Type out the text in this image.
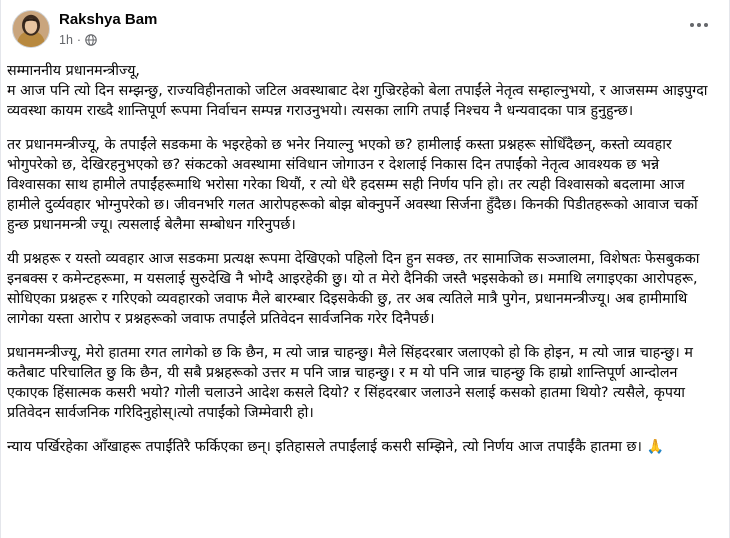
Rakshya Bam
1h ·

सम्माननीय प्रधानमन्त्रीज्यू,

म आज पनि त्यो दिन सम्झन्छु, राज्यविहीनताको जटिल अवस्थाबाट देश गुज्रिरहेको बेला तपाईंले नेतृत्व सम्हाल्नुभयो, र आजसम्म आइपुग्दा व्यवस्था कायम राख्दै शान्तिपूर्ण रूपमा निर्वाचन सम्पन्न गराउनुभयो। त्यसका लागि तपाईं निश्चय नै धन्यवादका पात्र हुनुहुन्छ।

तर प्रधानमन्त्रीज्यू, के तपाईंले सडकमा के भइरहेको छ भनेर नियाल्नु भएको छ? हामीलाई कस्ता प्रश्नहरू सोधिँदैछन्, कस्तो व्यवहार भोगुपरेको छ, देखिरहनुभएको छ? संकटको अवस्थामा संविधान जोगाउन र देशलाई निकास दिन तपाईंको नेतृत्व आवश्यक छ भन्ने विश्वासका साथ हामीले तपाईंहरूमाथि भरोसा गरेका थियौं, र त्यो धेरै हदसम्म सही निर्णय पनि हो। तर त्यही विश्वासको बदलामा आज हामीले दुर्व्यवहार भोग्नुपरेको छ। जीवनभरि गलत आरोपहरूको बोझ बोक्नुपर्ने अवस्था सिर्जना हुँदैछ। किनकी पिडीतहरूको आवाज चर्को हुन्छ प्रधानमन्त्री ज्यू। त्यसलाई बेलैमा सम्बोधन गरिनुपर्छ।

यी प्रश्नहरू र यस्तो व्यवहार आज सडकमा प्रत्यक्ष रूपमा देखिएको पहिलो दिन हुन सक्छ, तर सामाजिक सञ्जालमा, विशेषतः फेसबुकका इनबक्स र कमेन्टहरूमा, म यसलाई सुरुदेखि नै भोग्दै आइरहेकी छु। यो त मेरो दैनिकी जस्तै भइसकेको छ। ममाथि लगाइएका आरोपहरू, सोधिएका प्रश्नहरू र गरिएको व्यवहारको जवाफ मैले बारम्बार दिइसकेकी छु, तर अब त्यतिले मात्रै पुगेन, प्रधानमन्त्रीज्यू। अब हामीमाथि लागेका यस्ता आरोप र प्रश्नहरूको जवाफ तपाईंले प्रतिवेदन सार्वजनिक गरेर दिनैपर्छ।

प्रधानमन्त्रीज्यू, मेरो हातमा रगत लागेको छ कि छैन, म त्यो जान्न चाहन्छु। मैले सिंहदरबार जलाएको हो कि होइन, म त्यो जान्न चाहन्छु। म कतैबाट परिचालित छु कि छैन, यी सबै प्रश्नहरूको उत्तर म पनि जान्न चाहन्छु। र म यो पनि जान्न चाहन्छु कि हाम्रो शान्तिपूर्ण आन्दोलन एकाएक हिंसात्मक कसरी भयो? गोली चलाउने आदेश कसले दियो? र सिंहदरबार जलाउने सलाई कसको हातमा थियो? त्यसैले, कृपया प्रतिवेदन सार्वजनिक गरिदिनुहोस्।त्यो तपाईंको जिम्मेवारी हो।

न्याय पर्खिरहेका आँखाहरू तपाईंतिरै फर्किएका छन्। इतिहासले तपाईंलाई कसरी सम्झिने, त्यो निर्णय आज तपाईंकै हातमा छ। 🙏
